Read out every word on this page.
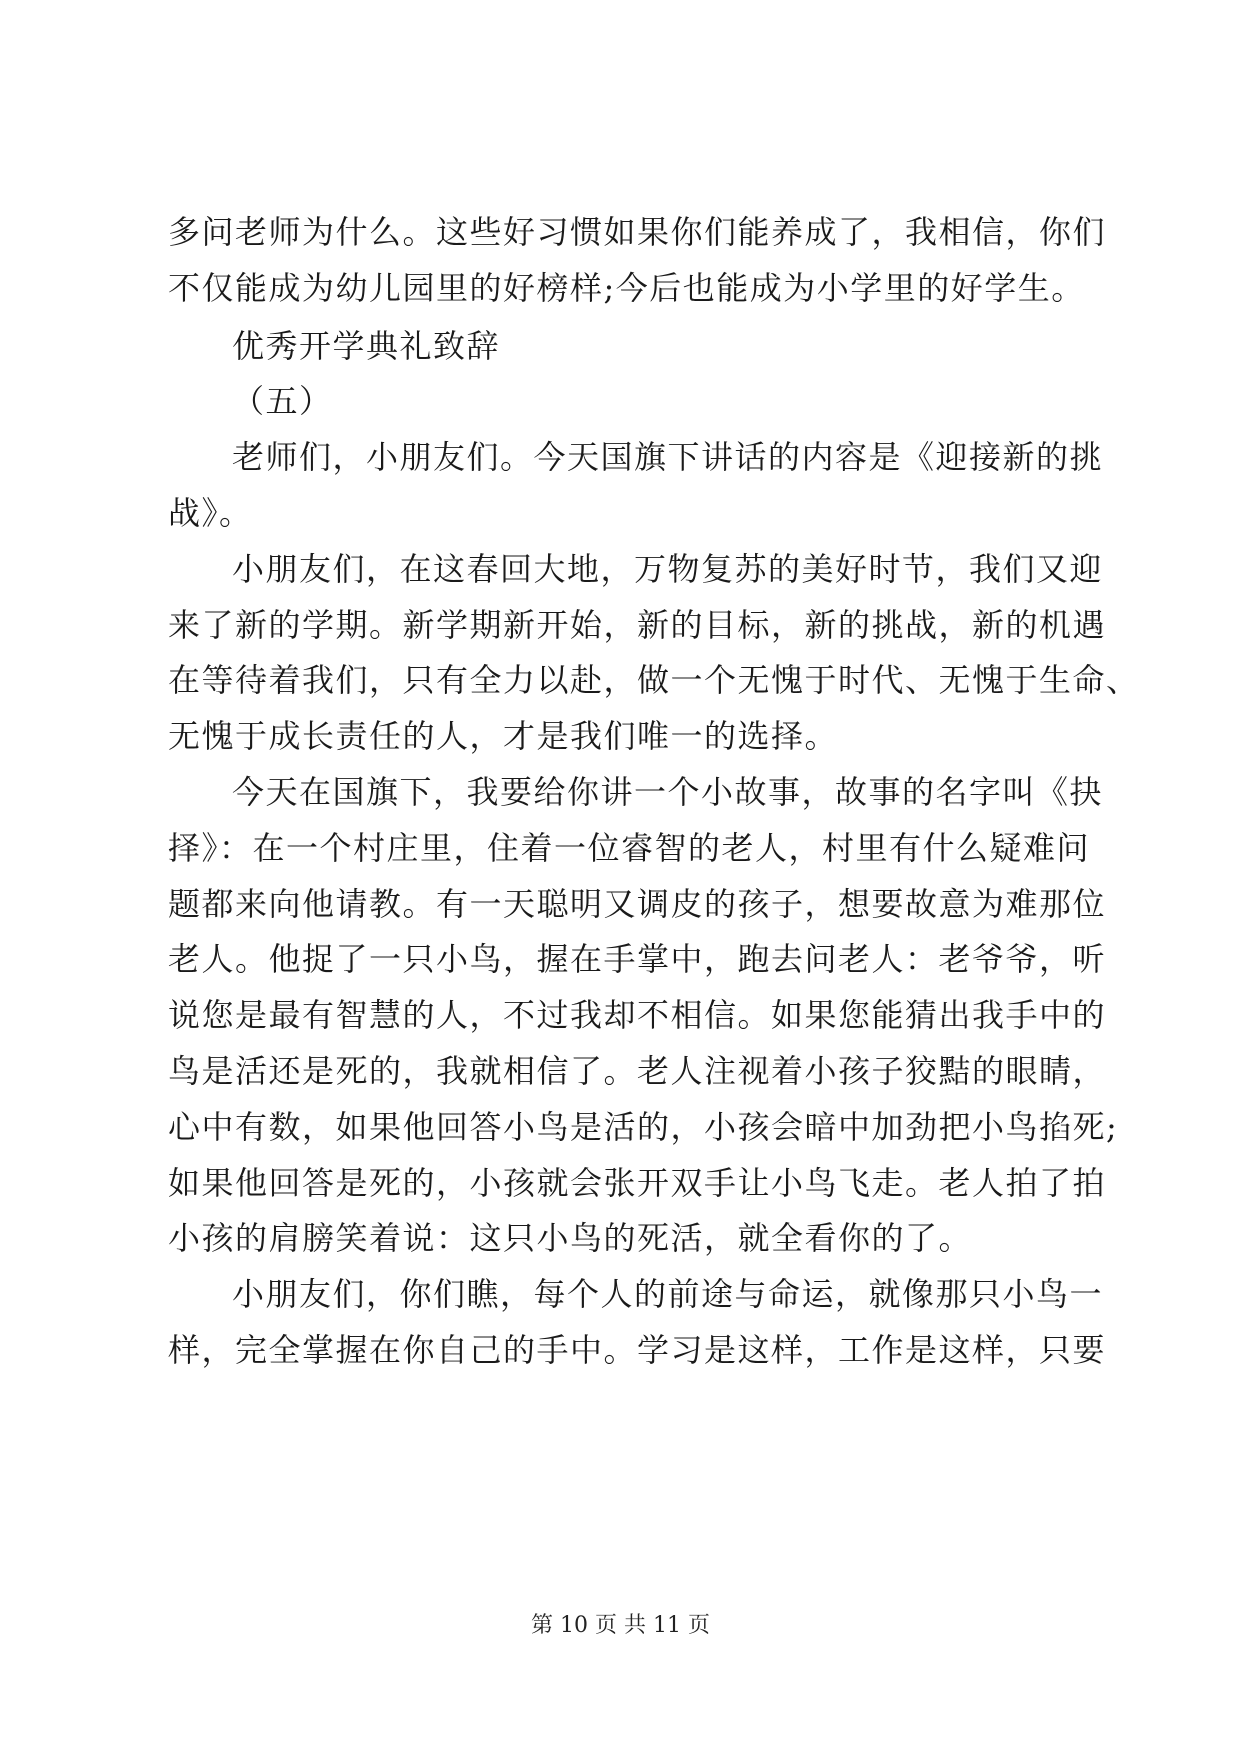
多问老师为什么。这些好习惯如果你们能养成了，我相信，你们
不仅能成为幼儿园里的好榜样;今后也能成为小学里的好学生。
优秀开学典礼致辞
（五）
老师们，小朋友们。今天国旗下讲话的内容是《迎接新的挑
战》。
小朋友们，在这春回大地，万物复苏的美好时节，我们又迎
来了新的学期。新学期新开始，新的目标，新的挑战，新的机遇
在等待着我们，只有全力以赴，做一个无愧于时代、无愧于生命、
无愧于成长责任的人，才是我们唯一的选择。
今天在国旗下，我要给你讲一个小故事，故事的名字叫《抉
择》：在一个村庄里，住着一位睿智的老人，村里有什么疑难问
题都来向他请教。有一天聪明又调皮的孩子，想要故意为难那位
老人。他捉了一只小鸟，握在手掌中，跑去问老人：老爷爷，听
说您是最有智慧的人，不过我却不相信。如果您能猜出我手中的
鸟是活还是死的，我就相信了。老人注视着小孩子狡黠的眼睛，
心中有数，如果他回答小鸟是活的，小孩会暗中加劲把小鸟掐死;
如果他回答是死的，小孩就会张开双手让小鸟飞走。老人拍了拍
小孩的肩膀笑着说：这只小鸟的死活，就全看你的了。
小朋友们，你们瞧，每个人的前途与命运，就像那只小鸟一
样，完全掌握在你自己的手中。学习是这样，工作是这样，只要
第 10 页 共 11 页
